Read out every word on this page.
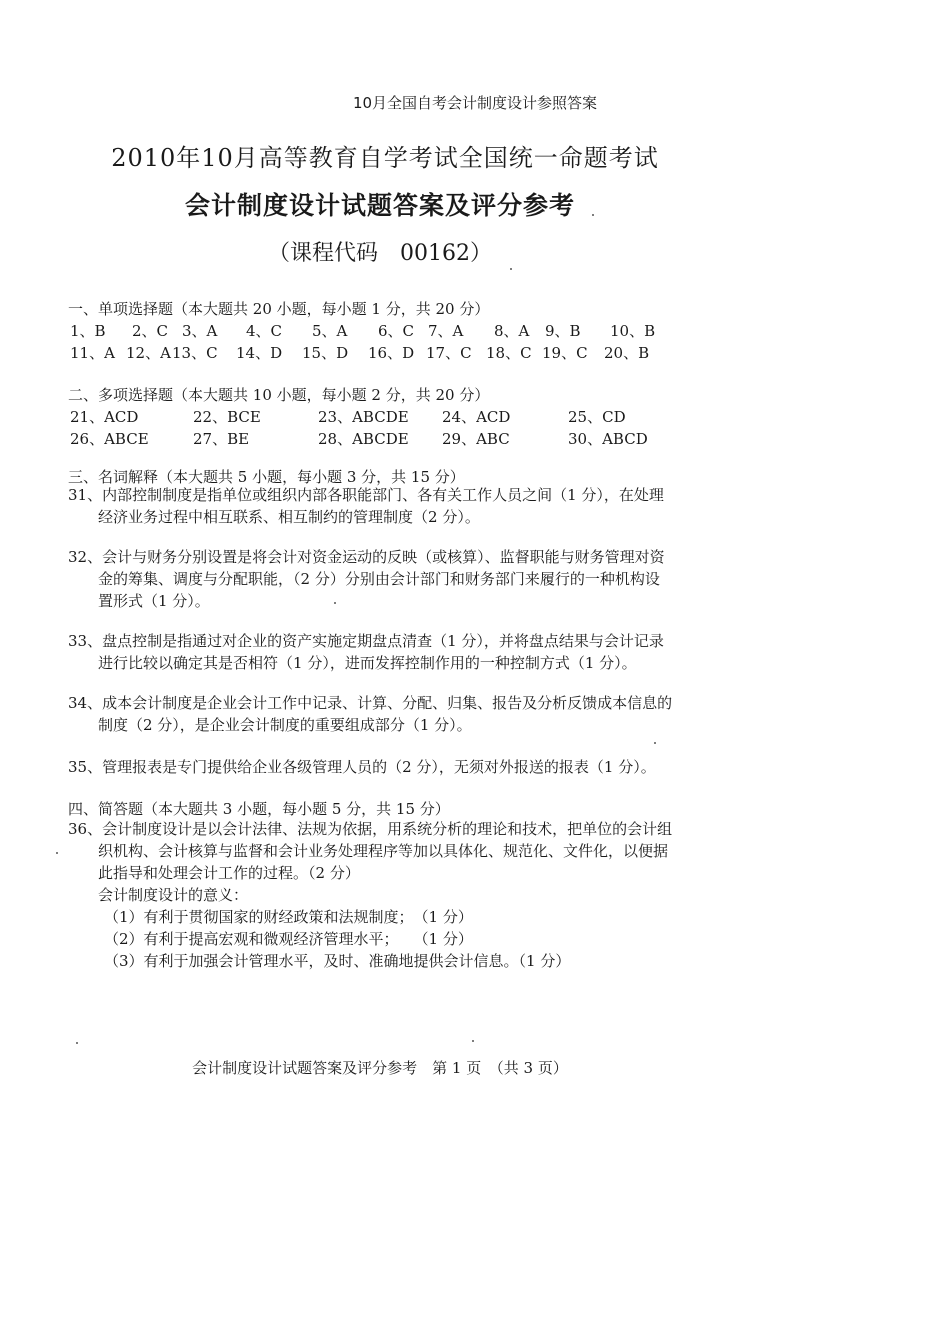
10月全国自考会计制度设计参照答案
2010年10月高等教育自学考试全国统一命题考试
会计制度设计试题答案及评分参考
（课程代码　00162）
一、单项选择题（本大题共 20 小题，每小题 1 分，共 20 分）
1、B 2、C 3、A 4、C 5、A 6、C 7、A 8、A 9、B 10、B
11、A 12、A 13、C 14、D 15、D 16、D 17、C 18、C 19、C 20、B
二、多项选择题（本大题共 10 小题，每小题 2 分，共 20 分）
21、ACD	22、BCE	23、ABCDE 24、ACD	25、CD
26、ABCE	27、BE	28、ABCDE 29、ABC	30、ABCD
三、名词解释（本大题共 5 小题，每小题 3 分，共 15 分）
31、内部控制制度是指单位或组织内部各职能部门、各有关工作人员之间（1 分），在处理
经济业务过程中相互联系、相互制约的管理制度（2 分）。
32、会计与财务分别设置是将会计对资金运动的反映（或核算）、监督职能与财务管理对资
金的筹集、调度与分配职能，（2 分）分别由会计部门和财务部门来履行的一种机构设
置形式（1 分）。
33、盘点控制是指通过对企业的资产实施定期盘点清查（1 分），并将盘点结果与会计记录
进行比较以确定其是否相符（1 分），进而发挥控制作用的一种控制方式（1 分）。
34、成本会计制度是企业会计工作中记录、计算、分配、归集、报告及分析反馈成本信息的
制度（2 分），是企业会计制度的重要组成部分（1 分）。
35、管理报表是专门提供给企业各级管理人员的（2 分），无须对外报送的报表（1 分）。
四、简答题（本大题共 3 小题，每小题 5 分，共 15 分）
36、会计制度设计是以会计法律、法规为依据，用系统分析的理论和技术，把单位的会计组
织机构、会计核算与监督和会计业务处理程序等加以具体化、规范化、文件化，以便据
此指导和处理会计工作的过程。（2 分）
会计制度设计的意义：
（1）有利于贯彻国家的财经政策和法规制度；　（1 分）
（2）有利于提高宏观和微观经济管理水平；　　（1 分）
（3）有利于加强会计管理水平，及时、准确地提供会计信息。（1 分）
会计制度设计试题答案及评分参考　第 1 页　（共 3 页）
